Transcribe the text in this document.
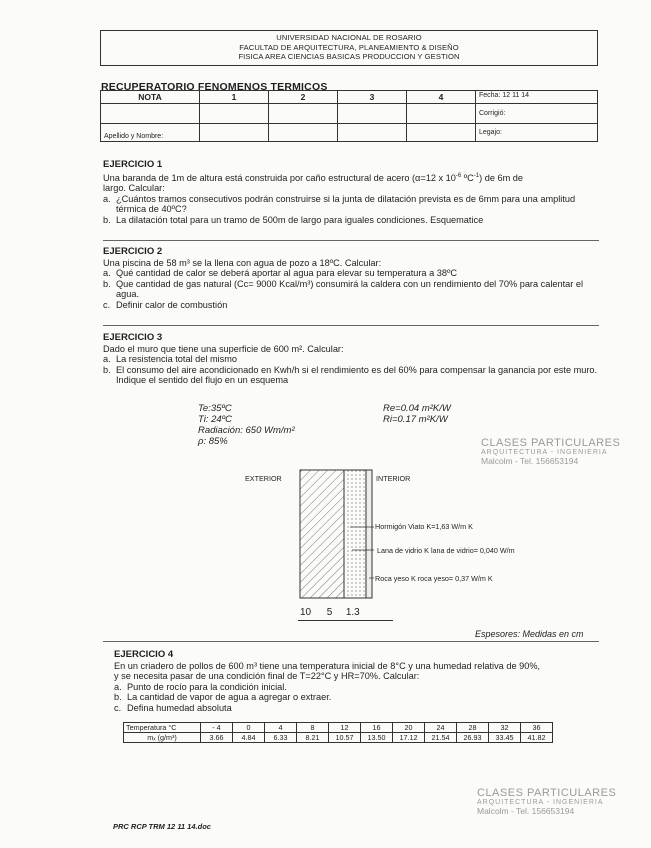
UNIVERSIDAD NACIONAL DE ROSARIO
FACULTAD DE ARQUITECTURA, PLANEAMIENTO & DISEÑO
FISICA AREA CIENCIAS BASICAS PRODUCCION Y GESTION
RECUPERATORIO FENOMENOS TERMICOS
NOTA	1	2	3	4	Fecha: 12 11 14
					Corrigió:
Apellido y Nombre:					Legajo:
EJERCICIO 1
Una baranda de 1m de altura está construida por caño estructural de acero (α=12 x $10^{-6}$ ºC$^{-1}$) de 6m de
largo. Calcular:
a. ¿Cuántos tramos consecutivos podrán construirse si la junta de dilatación prevista es de 6mm para una amplitud térmica de 40ºC?
b. La dilatación total para un tramo de 500m de largo para iguales condiciones. Esquematice
EJERCICIO 2
Una piscina de 58 m³ se la llena con agua de pozo a 18ºC. Calcular:
a. Qué cantidad de calor se deberá aportar al agua para elevar su temperatura a 38ºC
b. Que cantidad de gas natural (Cc= 9000 Kcal/m³) consumirá la caldera con un rendimiento del 70% para calentar el agua.
c. Definir calor de combustión
EJERCICIO 3
Dado el muro que tiene una superficie de 600 m². Calcular:
a. La resistencia total del mismo
b. El consumo del aire acondicionado en Kwh/h si el rendimiento es del 60% para compensar la ganancia por este muro. Indique el sentido del flujo en un esquema
Te:35ºC
Ti: 24ºC
Radiación: 650 Wm/m²
ρ: 85%
Re=0.04 m²K/W
Ri=0.17 m²K/W
EXTERIOR	INTERIOR
Hormigón Viato K=1,63 W/m K
Lana de vidrio K lana de vidrio= 0,040 W/m
Roca yeso K roca yeso= 0,37 W/m K
10 5 1.3
Espesores: Medidas en cm
EJERCICIO 4
En un criadero de pollos de 600 m³ tiene una temperatura inicial de 8°C y una humedad relativa de 90%,
y se necesita pasar de una condición final de T=22°C y HR=70%. Calcular:
a. Punto de rocío para la condición inicial.
b. La cantidad de vapor de agua a agregar o extraer.
c. Defina humedad absoluta
Temperatura °C	- 4	0	4	8	12	16	20	24	28	32	36
mₓ (g/m³)	3.66	4.84	6.33	8.21	10.57	13.50	17.12	21.54	26.93	33.45	41.82
CLASES PARTICULARES
ARQUITECTURA - INGENIERIA
Malcolm - Tel. 156653194
CLASES PARTICULARES
ARQUITECTURA - INGENIERIA
Malcolm - Tel. 156653194
PRC RCP TRM 12 11 14.doc
